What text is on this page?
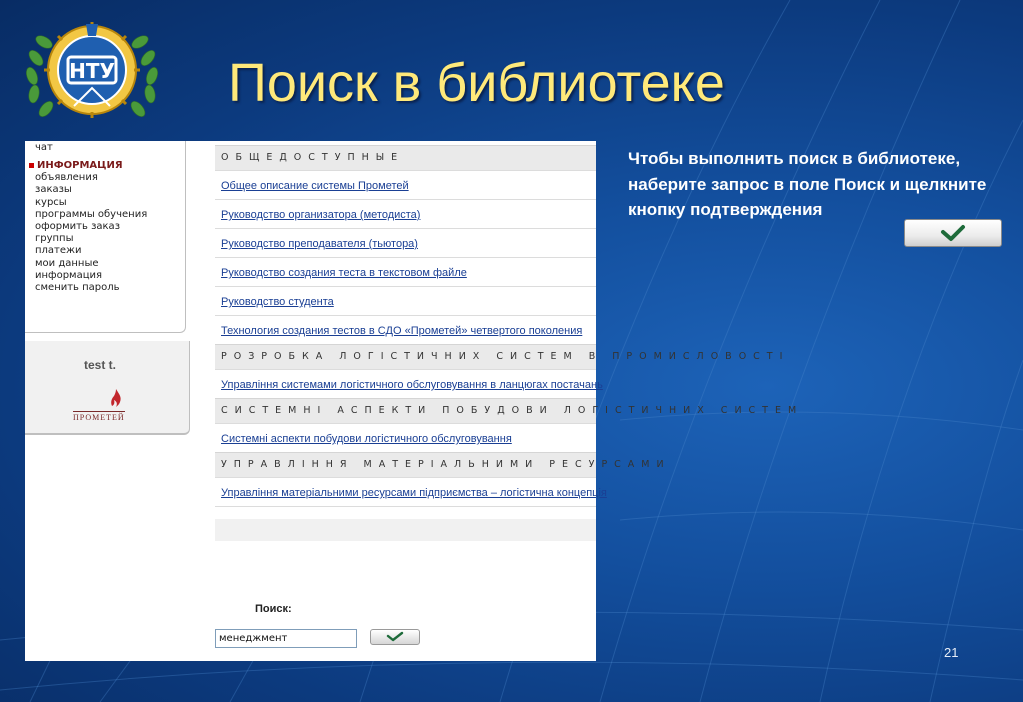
НТУ Поиск в библиотеке
чат
ИНФОРМАЦИЯ
объявления
заказы
курсы
программы обучения
оформить заказ
группы
платежи
мои данные
информация
сменить пароль
test t.
ПРОМЕТЕЙ
ОБЩЕДОСТУПНЫЕ
Общее описание системы Прометей
Руководство организатора (методиста)
Руководство преподавателя (тьютора)
Руководство создания теста в текстовом файле
Руководство студента
Технология создания тестов в СДО «Прометей» четвертого поколения
РОЗРОБКА ЛОГІСТИЧНИХ СИСТЕМ В ПРОМИСЛОВОСТІ
Управління системами логістичного обслуговування в ланцюгах постачань
СИСТЕМНІ АСПЕКТИ ПОБУДОВИ ЛОГІСТИЧНИХ СИСТЕМ
Системні аспекти побудови логістичного обслуговування
УПРАВЛІННЯ МАТЕРІАЛЬНИМИ РЕСУРСАМИ
Управління матеріальними ресурсами підприємства – логістична концепція
Поиск:
менеджмент
Чтобы выполнить поиск в библиотеке, наберите запрос в поле Поиск и щелкните кнопку подтверждения
21
